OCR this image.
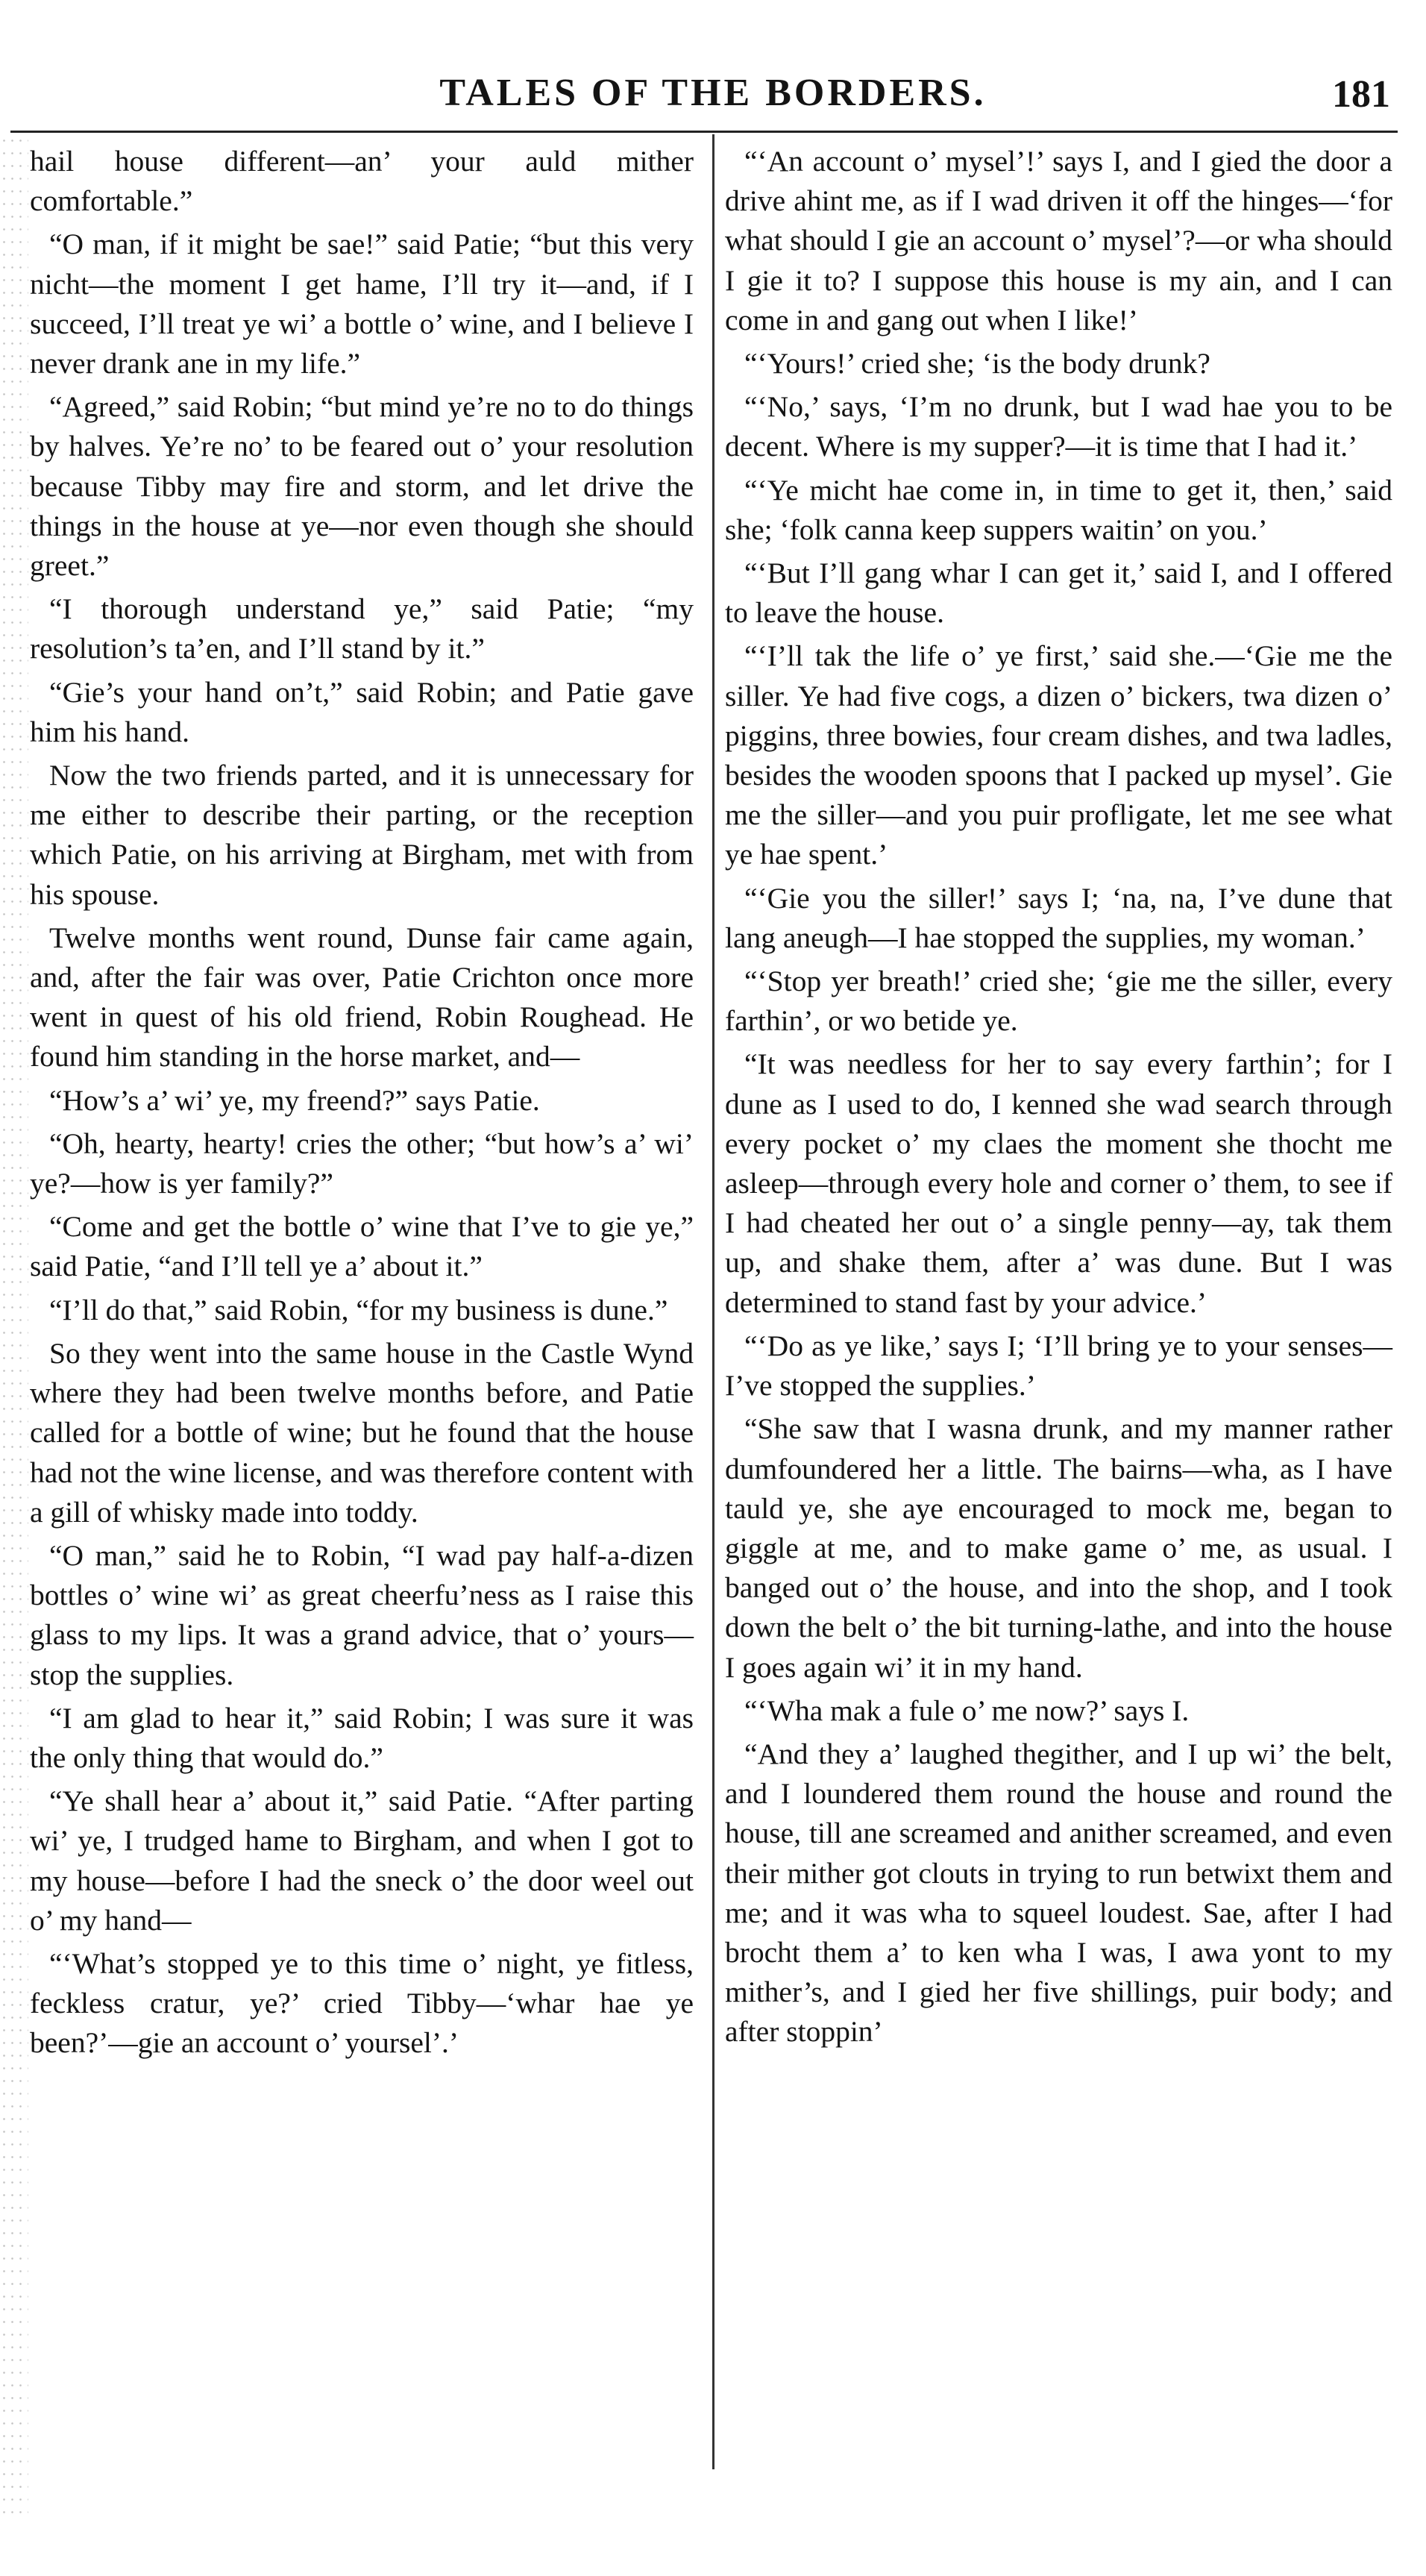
TALES OF THE BORDERS.	181

hail house different—an’ your auld mither comfortable.”

“O man, if it might be sae!” said Patie; “but this very nicht—the moment I get hame, I’ll try it—and, if I succeed, I’ll treat ye wi’ a bottle o’ wine, and I believe I never drank ane in my life.”

“Agreed,” said Robin; “but mind ye’re no to do things by halves. Ye’re no’ to be feared out o’ your resolution because Tibby may fire and storm, and let drive the things in the house at ye—nor even though she should greet.”

“I thorough understand ye,” said Patie; “my resolution’s ta’en, and I’ll stand by it.”

“Gie’s your hand on’t,” said Robin; and Patie gave him his hand.

Now the two friends parted, and it is unnecessary for me either to describe their parting, or the reception which Patie, on his arriving at Birgham, met with from his spouse.

Twelve months went round, Dunse fair came again, and, after the fair was over, Patie Crichton once more went in quest of his old friend, Robin Roughead. He found him standing in the horse market, and—

“How’s a’ wi’ ye, my freend?” says Patie.

“Oh, hearty, hearty! cries the other; “but how’s a’ wi’ ye?—how is yer family?”

“Come and get the bottle o’ wine that I’ve to gie ye,” said Patie, “and I’ll tell ye a’ about it.”

“I’ll do that,” said Robin, “for my business is dune.”

So they went into the same house in the Castle Wynd where they had been twelve months before, and Patie called for a bottle of wine; but he found that the house had not the wine license, and was therefore content with a gill of whisky made into toddy.

“O man,” said he to Robin, “I wad pay half-a-dizen bottles o’ wine wi’ as great cheerfu’ness as I raise this glass to my lips. It was a grand advice, that o’ yours—stop the supplies.

“I am glad to hear it,” said Robin; I was sure it was the only thing that would do.”

“Ye shall hear a’ about it,” said Patie. “After parting wi’ ye, I trudged hame to Birgham, and when I got to my house—before I had the sneck o’ the door weel out o’ my hand—

“‘What’s stopped ye to this time o’ night, ye fitless, feckless cratur, ye?’ cried Tibby—‘whar hae ye been?’—gie an account o’ yoursel’.’

“‘An account o’ mysel’!’ says I, and I gied the door a drive ahint me, as if I wad driven it off the hinges—‘for what should I gie an account o’ mysel’?—or wha should I gie it to? I suppose this house is my ain, and I can come in and gang out when I like!’

“‘Yours!’ cried she; ‘is the body drunk?

“‘No,’ says, ‘I’m no drunk, but I wad hae you to be decent. Where is my supper?—it is time that I had it.’

“‘Ye micht hae come in, in time to get it, then,’ said she; ‘folk canna keep suppers waitin’ on you.’

“‘But I’ll gang whar I can get it,’ said I, and I offered to leave the house.

“‘I’ll tak the life o’ ye first,’ said she.—‘Gie me the siller. Ye had five cogs, a dizen o’ bickers, twa dizen o’ piggins, three bowies, four cream dishes, and twa ladles, besides the wooden spoons that I packed up mysel’. Gie me the siller—and you puir profligate, let me see what ye hae spent.’

“‘Gie you the siller!’ says I; ‘na, na, I’ve dune that lang aneugh—I hae stopped the supplies, my woman.’

“‘Stop yer breath!’ cried she; ‘gie me the siller, every farthin’, or wo betide ye.

“It was needless for her to say every farthin’; for I dune as I used to do, I kenned she wad search through every pocket o’ my claes the moment she thocht me asleep—through every hole and corner o’ them, to see if I had cheated her out o’ a single penny—ay, tak them up, and shake them, after a’ was dune. But I was determined to stand fast by your advice.’

“‘Do as ye like,’ says I; ‘I’ll bring ye to your senses—I’ve stopped the supplies.’

“She saw that I wasna drunk, and my manner rather dumfoundered her a little. The bairns—wha, as I have tauld ye, she aye encouraged to mock me, began to giggle at me, and to make game o’ me, as usual. I banged out o’ the house, and into the shop, and I took down the belt o’ the bit turning-lathe, and into the house I goes again wi’ it in my hand.

“‘Wha mak a fule o’ me now?’ says I.

“And they a’ laughed thegither, and I up wi’ the belt, and I loundered them round the house and round the house, till ane screamed and anither screamed, and even their mither got clouts in trying to run betwixt them and me; and it was wha to squeel loudest. Sae, after I had brocht them a’ to ken wha I was, I awa yont to my mither’s, and I gied her five shillings, puir body; and after stoppin’
